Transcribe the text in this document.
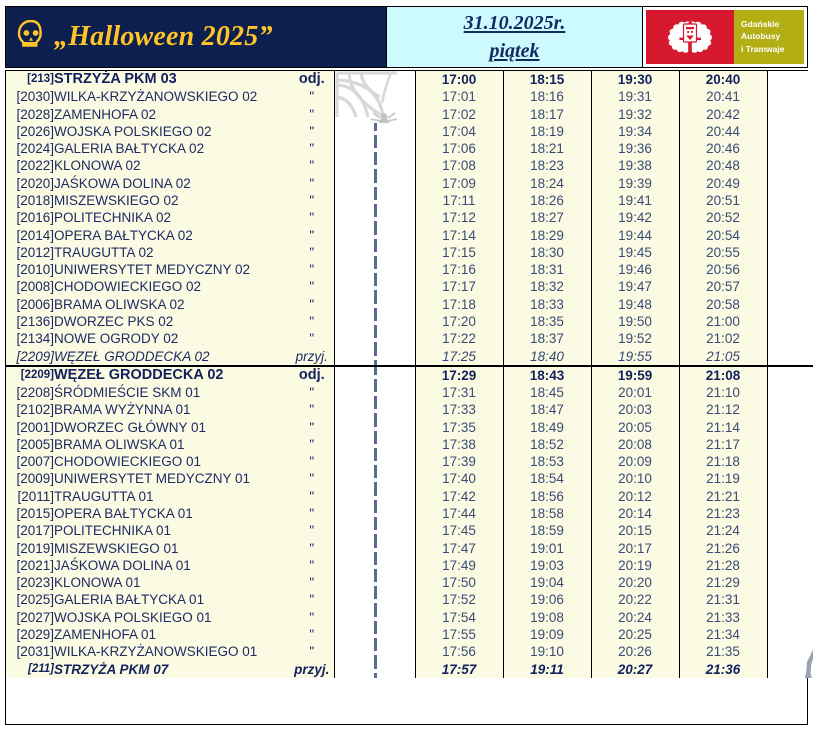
„Halloween 2025”	31.10.2025r.
piątek
Gdańskie
Autobusy
i Tramwaje
[213]	STRZYŻA PKM 03	odj.		17:00	18:15	19:30	20:40	

[2030]	WILKA-KRZYŻANOWSKIEGO 02	"		17:01	18:16	19:31	20:41	

[2028]	ZAMENHOFA 02	"		17:02	18:17	19:32	20:42	

[2026]	WOJSKA POLSKIEGO 02	"		17:04	18:19	19:34	20:44	

[2024]	GALERIA BAŁTYCKA 02	"		17:06	18:21	19:36	20:46	

[2022]	KLONOWA 02	"		17:08	18:23	19:38	20:48	

[2020]	JAŚKOWA DOLINA 02	"		17:09	18:24	19:39	20:49	

[2018]	MISZEWSKIEGO 02	"		17:11	18:26	19:41	20:51	

[2016]	POLITECHNIKA 02	"		17:12	18:27	19:42	20:52	

[2014]	OPERA BAŁTYCKA 02	"		17:14	18:29	19:44	20:54	

[2012]	TRAUGUTTA 02	"		17:15	18:30	19:45	20:55	

[2010]	UNIWERSYTET MEDYCZNY 02	"		17:16	18:31	19:46	20:56	

[2008]	CHODOWIECKIEGO 02	"		17:17	18:32	19:47	20:57	

[2006]	BRAMA OLIWSKA 02	"		17:18	18:33	19:48	20:58	

[2136]	DWORZEC PKS 02	"		17:20	18:35	19:50	21:00	

[2134]	NOWE OGRODY 02	"		17:22	18:37	19:52	21:02	

[2209]	WĘZEŁ GRODDECKA 02	przyj.		17:25	18:40	19:55	21:05	

[2209]	WĘZEŁ GRODDECKA 02	odj.		17:29	18:43	19:59	21:08	

[2208]	ŚRÓDMIEŚCIE SKM 01	"		17:31	18:45	20:01	21:10	

[2102]	BRAMA WYŻYNNA 01	"		17:33	18:47	20:03	21:12	

[2001]	DWORZEC GŁÓWNY 01	"		17:35	18:49	20:05	21:14	

[2005]	BRAMA OLIWSKA 01	"		17:38	18:52	20:08	21:17	

[2007]	CHODOWIECKIEGO 01	"		17:39	18:53	20:09	21:18	

[2009]	UNIWERSYTET MEDYCZNY 01	"		17:40	18:54	20:10	21:19	

[2011]	TRAUGUTTA 01	"		17:42	18:56	20:12	21:21	

[2015]	OPERA BAŁTYCKA 01	"		17:44	18:58	20:14	21:23	

[2017]	POLITECHNIKA 01	"		17:45	18:59	20:15	21:24	

[2019]	MISZEWSKIEGO 01	"		17:47	19:01	20:17	21:26	

[2021]	JAŚKOWA DOLINA 01	"		17:49	19:03	20:19	21:28	

[2023]	KLONOWA 01	"		17:50	19:04	20:20	21:29	

[2025]	GALERIA BAŁTYCKA 01	"		17:52	19:06	20:22	21:31	

[2027]	WOJSKA POLSKIEGO 01	"		17:54	19:08	20:24	21:33	

[2029]	ZAMENHOFA 01	"		17:55	19:09	20:25	21:34	

[2031]	WILKA-KRZYŻANOWSKIEGO 01	"		17:56	19:10	20:26	21:35	
[211]	STRZYŻA PKM 07	przyj.		17:57	19:11	20:27	21:36	
